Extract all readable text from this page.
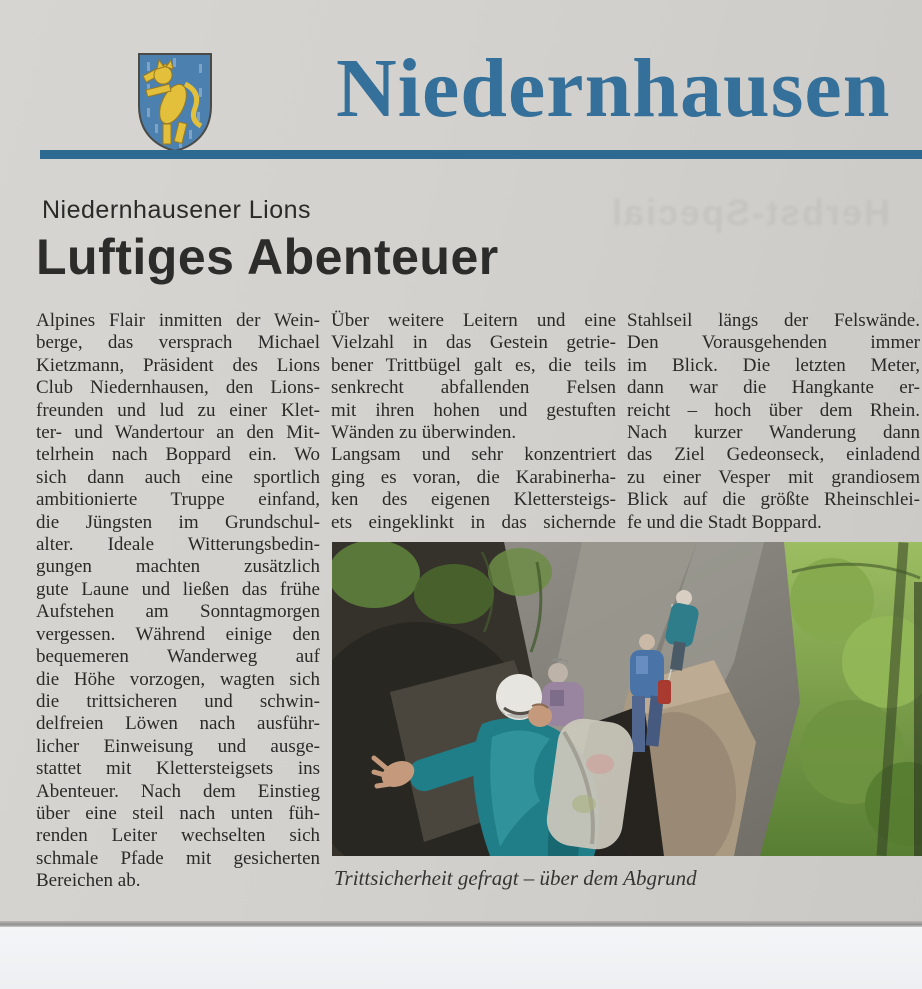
Niedernhausen
Herbst-Special
Niedernhausener Lions
Luftiges Abenteuer
Alpines Flair inmitten der Wein-
berge, das versprach Michael
Kietzmann, Präsident des Lions
Club Niedernhausen, den Lions-
freunden und lud zu einer Klet-
ter- und Wandertour an den Mit-
telrhein nach Boppard ein. Wo
sich dann auch eine sportlich
ambitionierte Truppe einfand,
die Jüngsten im Grundschul-
alter. Ideale Witterungsbedin-
gungen machten zusätzlich
gute Laune und ließen das frühe
Aufstehen am Sonntagmorgen
vergessen. Während einige den
bequemeren Wanderweg auf
die Höhe vorzogen, wagten sich
die trittsicheren und schwin-
delfreien Löwen nach ausführ-
licher Einweisung und ausge-
stattet mit Klettersteigsets ins
Abenteuer. Nach dem Einstieg
über eine steil nach unten füh-
renden Leiter wechselten sich
schmale Pfade mit gesicherten
Bereichen ab.
Über weitere Leitern und eine
Vielzahl in das Gestein getrie-
bener Trittbügel galt es, die teils
senkrecht abfallenden Felsen
mit ihren hohen und gestuften
Wänden zu überwinden.
Langsam und sehr konzentriert
ging es voran, die Karabinerha-
ken des eigenen Klettersteigs-
ets eingeklinkt in das sichernde
Stahlseil längs der Felswände.
Den Vorausgehenden immer
im Blick. Die letzten Meter,
dann war die Hangkante er-
reicht – hoch über dem Rhein.
Nach kurzer Wanderung dann
das Ziel Gedeonseck, einladend
zu einer Vesper mit grandiosem
Blick auf die größte Rheinschlei-
fe und die Stadt Boppard.
Trittsicherheit gefragt – über dem Abgrund
